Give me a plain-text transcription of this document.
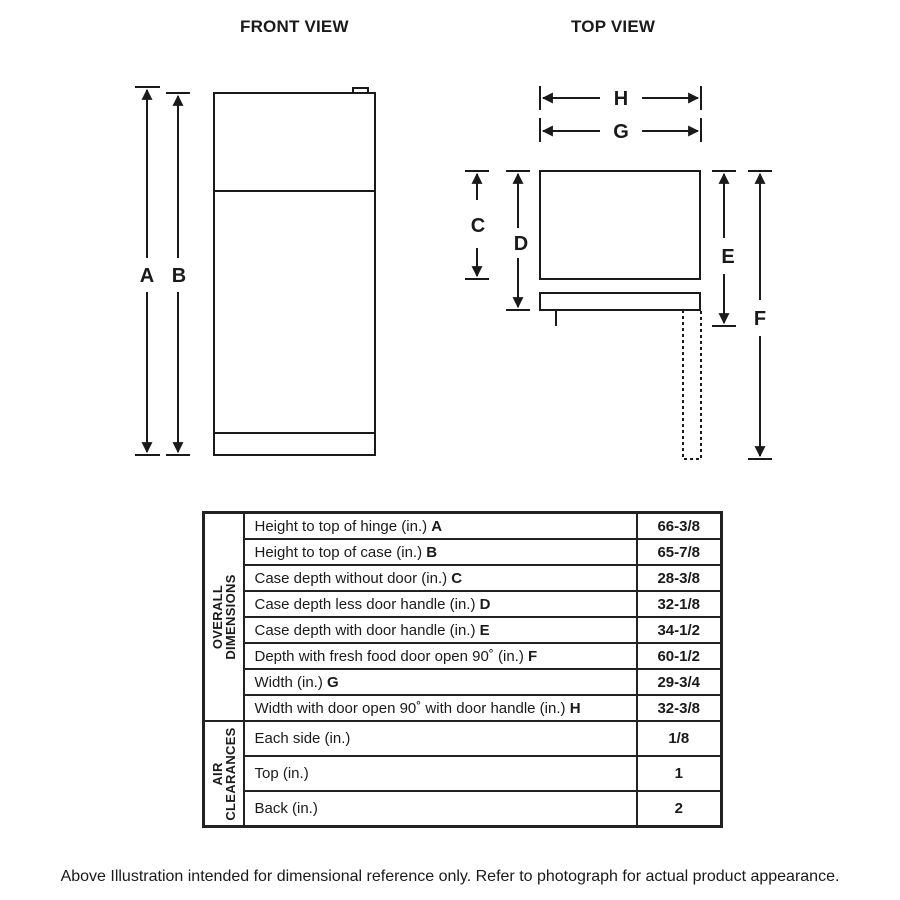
FRONT VIEW	TOP VIEW
A B
C
D
E
F
G
H
OVERALL
DIMENSIONS	Height to top of hinge (in.) A	66-3/8
	Height to top of case (in.) B	65-7/8
	Case depth without door (in.) C	28-3/8
	Case depth less door handle (in.) D	32-1/8
	Case depth with door handle (in.) E	34-1/2
	Depth with fresh food door open 90˚ (in.) F	60-1/2
	Width (in.) G	29-3/4
	Width with door open 90˚ with door handle (in.) H	32-3/8

AIR
CLEARANCES	Each side (in.)	1/8
	Top (in.)	1
	Back (in.)	2
Above Illustration intended for dimensional reference only. Refer to photograph for actual product appearance.
